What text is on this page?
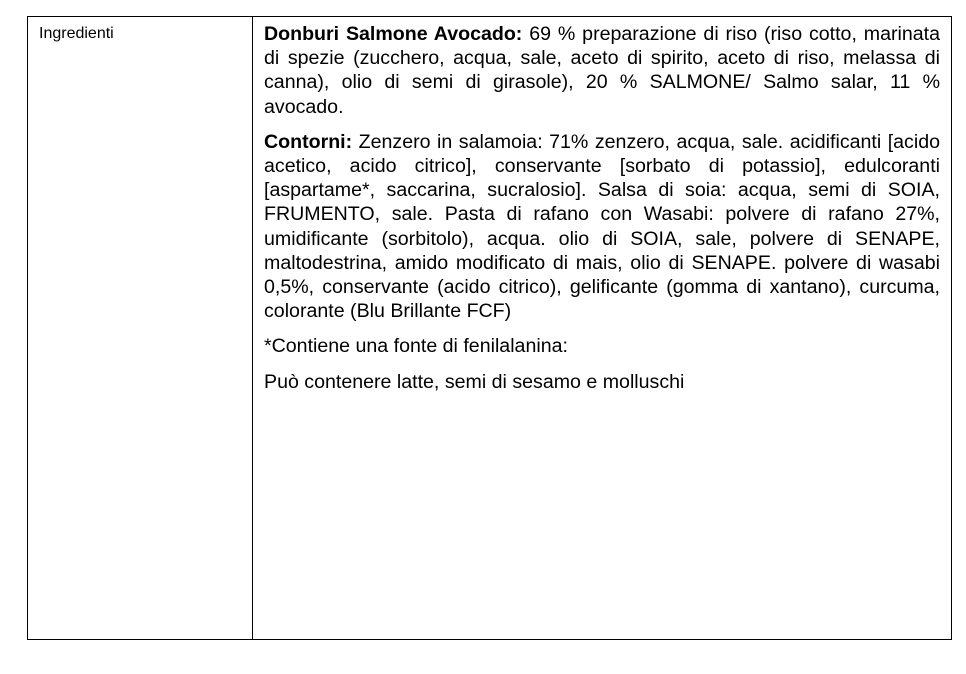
Ingredienti	Donburi Salmone Avocado: 69 % preparazione di riso (riso cotto, marinata di spezie (zucchero, acqua, sale, aceto di spirito, aceto di riso, melassa di canna), olio di semi di girasole), 20 % SALMONE/ Salmo salar, 11 % avocado.

Contorni: Zenzero in salamoia: 71% zenzero, acqua, sale. acidificanti [acido acetico, acido citrico], conservante [sorbato di potassio], edulcoranti [aspartame*, saccarina, sucralosio]. Salsa di soia: acqua, semi di SOIA, FRUMENTO, sale. Pasta di rafano con Wasabi: polvere di rafano 27%, umidificante (sorbitolo), acqua. olio di SOIA, sale, polvere di SENAPE, maltodestrina, amido modificato di mais, olio di SENAPE. polvere di wasabi 0,5%, conservante (acido citrico), gelificante (gomma di xantano), curcuma, colorante (Blu Brillante FCF)

*Contiene una fonte di fenilalanina:

Può contenere latte, semi di sesamo e molluschi
